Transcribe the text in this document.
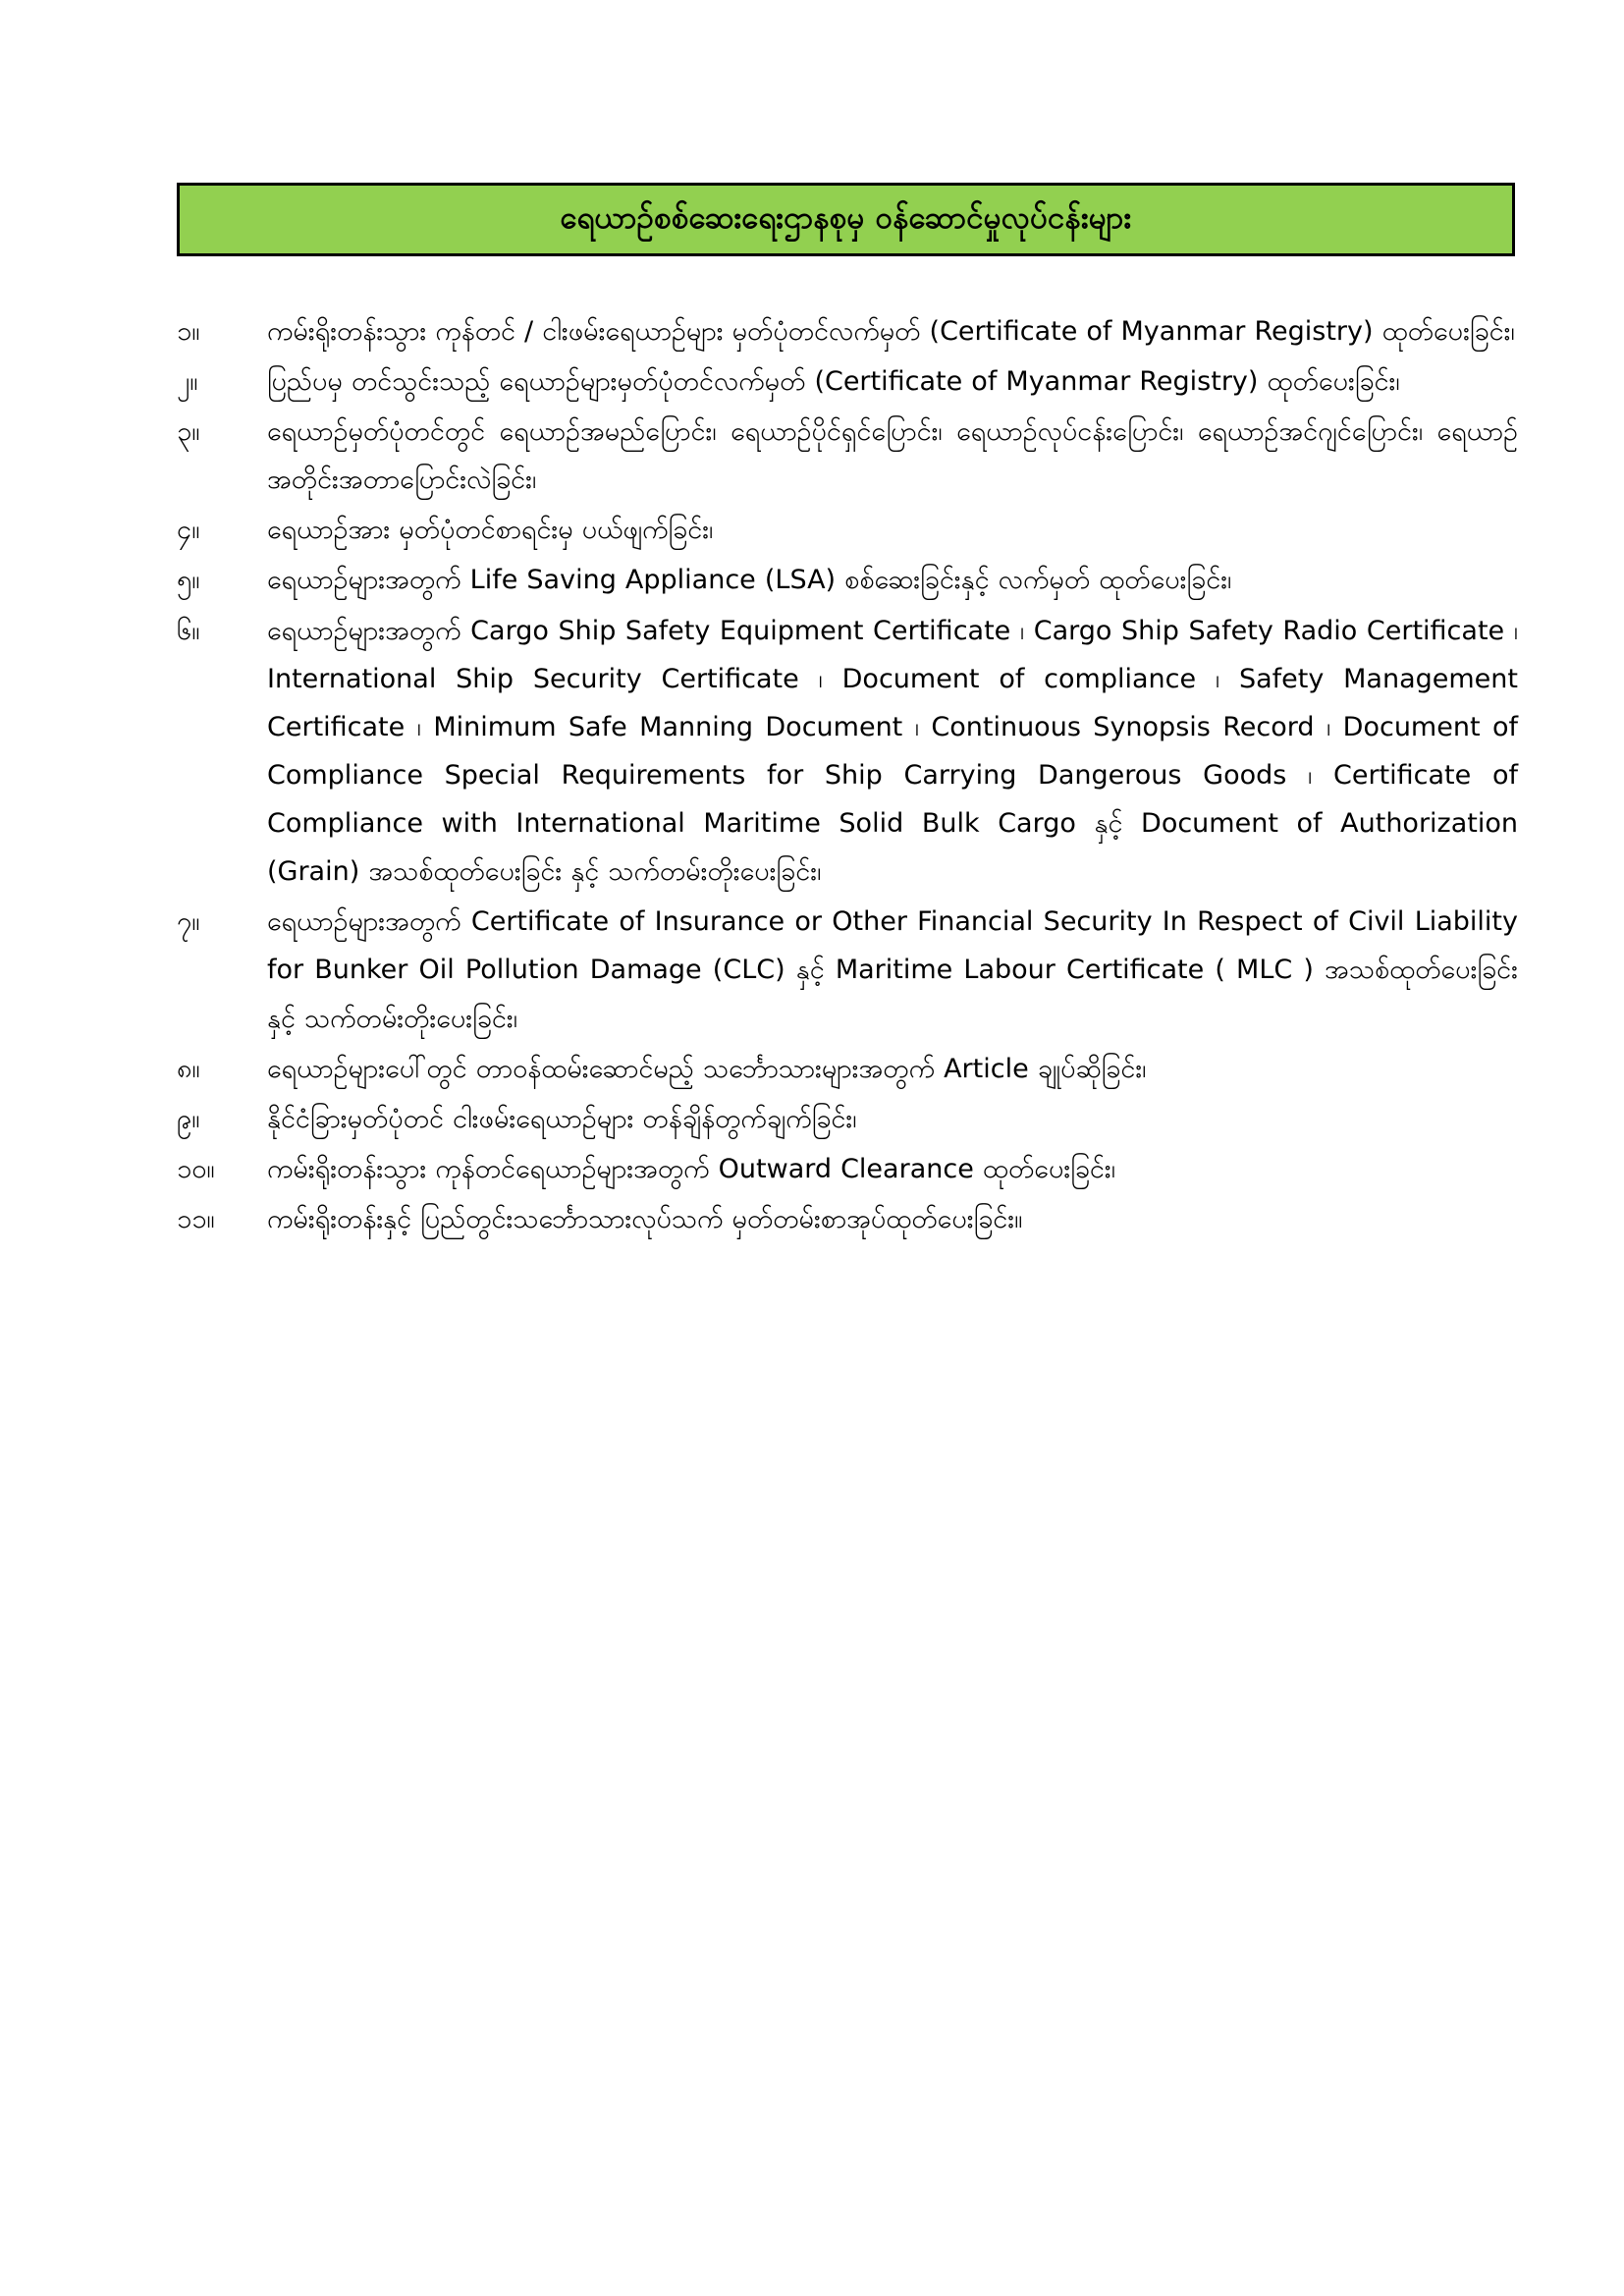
ရေယာဉ်စစ်ဆေးရေးဌာနစုမှ ဝန်ဆောင်မှုလုပ်ငန်းများ
၁။	ကမ်းရိုးတန်းသွား ကုန်တင် / ငါးဖမ်းရေယာဉ်များ မှတ်ပုံတင်လက်မှတ် (Certificate of Myanmar Registry) ထုတ်ပေးခြင်း၊
၂။	ပြည်ပမှ တင်သွင်းသည့် ရေယာဉ်များမှတ်ပုံတင်လက်မှတ် (Certificate of Myanmar Registry) ထုတ်ပေးခြင်း၊
၃။	ရေယာဉ်မှတ်ပုံတင်တွင် ရေယာဉ်အမည်ပြောင်း၊ ရေယာဉ်ပိုင်ရှင်ပြောင်း၊ ရေယာဉ်လုပ်ငန်းပြောင်း၊ ရေယာဉ်အင်ဂျင်ပြောင်း၊ ရေယာဉ်အတိုင်းအတာပြောင်းလဲခြင်း၊
၄။	ရေယာဉ်အား မှတ်ပုံတင်စာရင်းမှ ပယ်ဖျက်ခြင်း၊
၅။	ရေယာဉ်များအတွက် Life Saving Appliance (LSA) စစ်ဆေးခြင်းနှင့် လက်မှတ် ထုတ်ပေးခြင်း၊
၆။	ရေယာဉ်များအတွက် Cargo Ship Safety Equipment Certificate ၊ Cargo Ship Safety Radio Certificate ၊ International Ship Security Certificate ၊ Document of compliance ၊ Safety Management Certificate ၊ Minimum Safe Manning Document ၊ Continuous Synopsis Record ၊ Document of Compliance Special Requirements for Ship Carrying Dangerous Goods ၊ Certificate of Compliance with International Maritime Solid Bulk Cargo နှင့် Document of Authorization (Grain) အသစ်ထုတ်ပေးခြင်း နှင့် သက်တမ်းတိုးပေးခြင်း၊
၇။	ရေယာဉ်များအတွက် Certificate of Insurance or Other Financial Security In Respect of Civil Liability for Bunker Oil Pollution Damage (CLC) နှင့် Maritime Labour Certificate ( MLC ) အသစ်ထုတ်ပေးခြင်း နှင့် သက်တမ်းတိုးပေးခြင်း၊
၈။	ရေယာဉ်များပေါ်တွင် တာဝန်ထမ်းဆောင်မည့် သင်္ဘောသားများအတွက် Article ချုပ်ဆိုခြင်း၊
၉။	နိုင်ငံခြားမှတ်ပုံတင် ငါးဖမ်းရေယာဉ်များ တန်ချိန်တွက်ချက်ခြင်း၊
၁၀။	ကမ်းရိုးတန်းသွား ကုန်တင်ရေယာဉ်များအတွက် Outward Clearance ထုတ်ပေးခြင်း၊
၁၁။	ကမ်းရိုးတန်းနှင့် ပြည်တွင်းသင်္ဘောသားလုပ်သက် မှတ်တမ်းစာအုပ်ထုတ်ပေးခြင်း။
